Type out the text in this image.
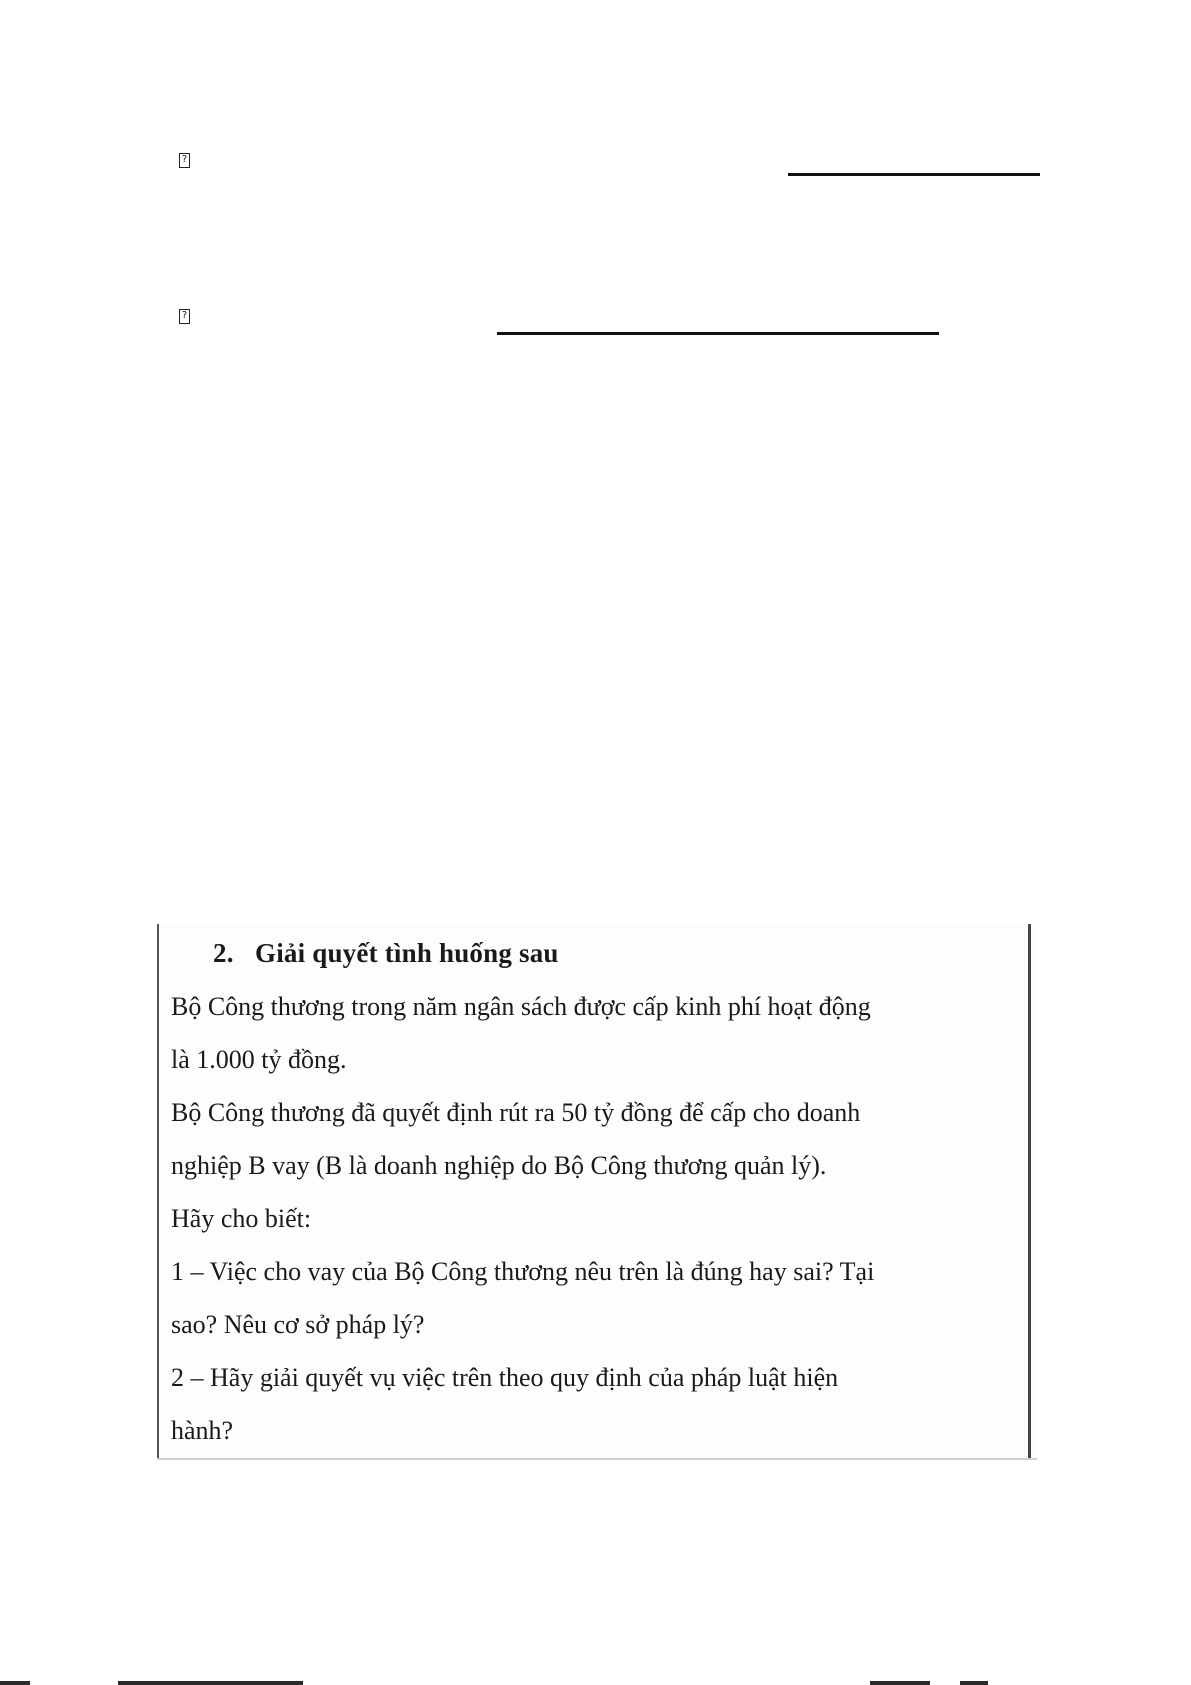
?
?
2. Giải quyết tình huống sau
Bộ Công thương trong năm ngân sách được cấp kinh phí hoạt động
là 1.000 tỷ đồng.
Bộ Công thương đã quyết định rút ra 50 tỷ đồng để cấp cho doanh
nghiệp B vay (B là doanh nghiệp do Bộ Công thương quản lý).
Hãy cho biết:
1 – Việc cho vay của Bộ Công thương nêu trên là đúng hay sai? Tại
sao? Nêu cơ sở pháp lý?
2 – Hãy giải quyết vụ việc trên theo quy định của pháp luật hiện
hành?
